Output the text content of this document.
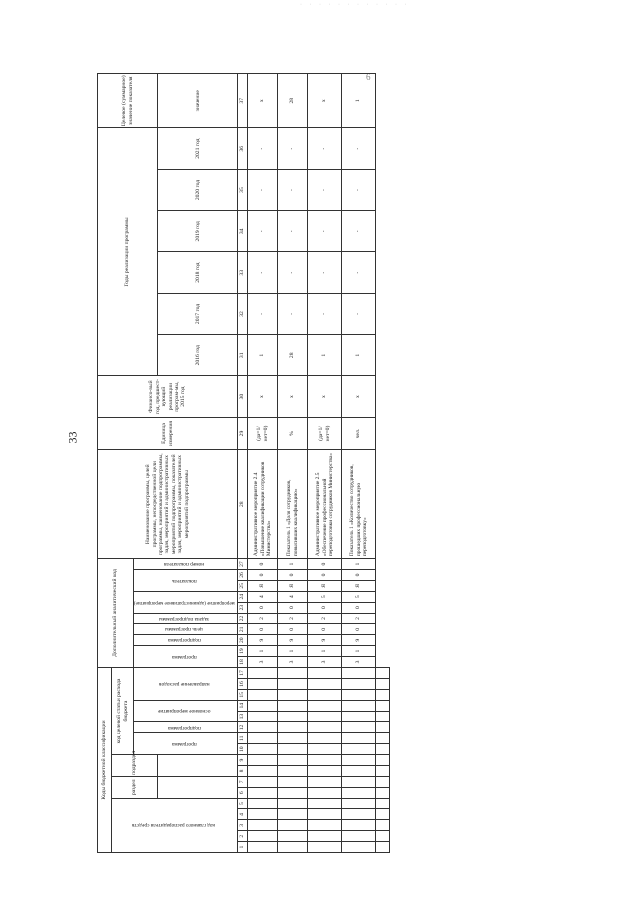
· · · · · · · · · · · ·
6
33
Коды бюджетной классификации																	Дополнительный аналитический код										Наименование программы, целей программы, непосредственной цели программы, наименование подпрограммы, задач, мероприятий и административных мероприятий подпрограммы, показателей задач, мероприятий и административных мероприятий подпрограммы	Единица измерения	Финансо-вый год, предшест-вующий реализации програм-мы, 2015 год	Годы реализации программы						Целевое (суммарное) значение показателя
код главного распорядителя средств					раздел		подраздел		код целевой статьи расхода бюджета																											
									программа		подпрограмма	основное мероприятие		направление расходов			программа		подпрограмма	цель программы	задача подпрограммы	мероприятие (административное мероприятие)		показатель		номер показателя										
																														2016 год	2017 год	2018 год	2019 год	2020 год	2021 год	значение
1	2	3	4	5	6	7	8	9	10	11	12	13	14	15	16	17	18	19	20	21	22	23	24	25	26	27	28	29	30	31	32	33	34	35	36	37
																	3	1	9	0	2	0	4	Я	0	0	Административное мероприятие 2.4 «Повышение квалификации сотрудников Министерства»	(да=1/ нет=0)	х	1	-	-	-	-	-	х
																	3	1	9	0	2	0	4	Я	0	1	Показатель 1 «Доля сотрудников, повысивших квалификацию»	%	х	28	-	-	-	-	-	28
																	3	1	9	0	2	0	5	Я	0	0	Административное мероприятие 2.5 «Обеспечение профессиональной переподготовки сотрудников Министерства»	(да=1/ нет=0)	х	1	-	-	-	-	-	х
																	3	1	9	0	2	0	5	Я	0	1	Показатель 1 «Количество сотрудников, прошедших профессиональную переподготовку»	чел.	х	1	-	-	-	-	-	1
